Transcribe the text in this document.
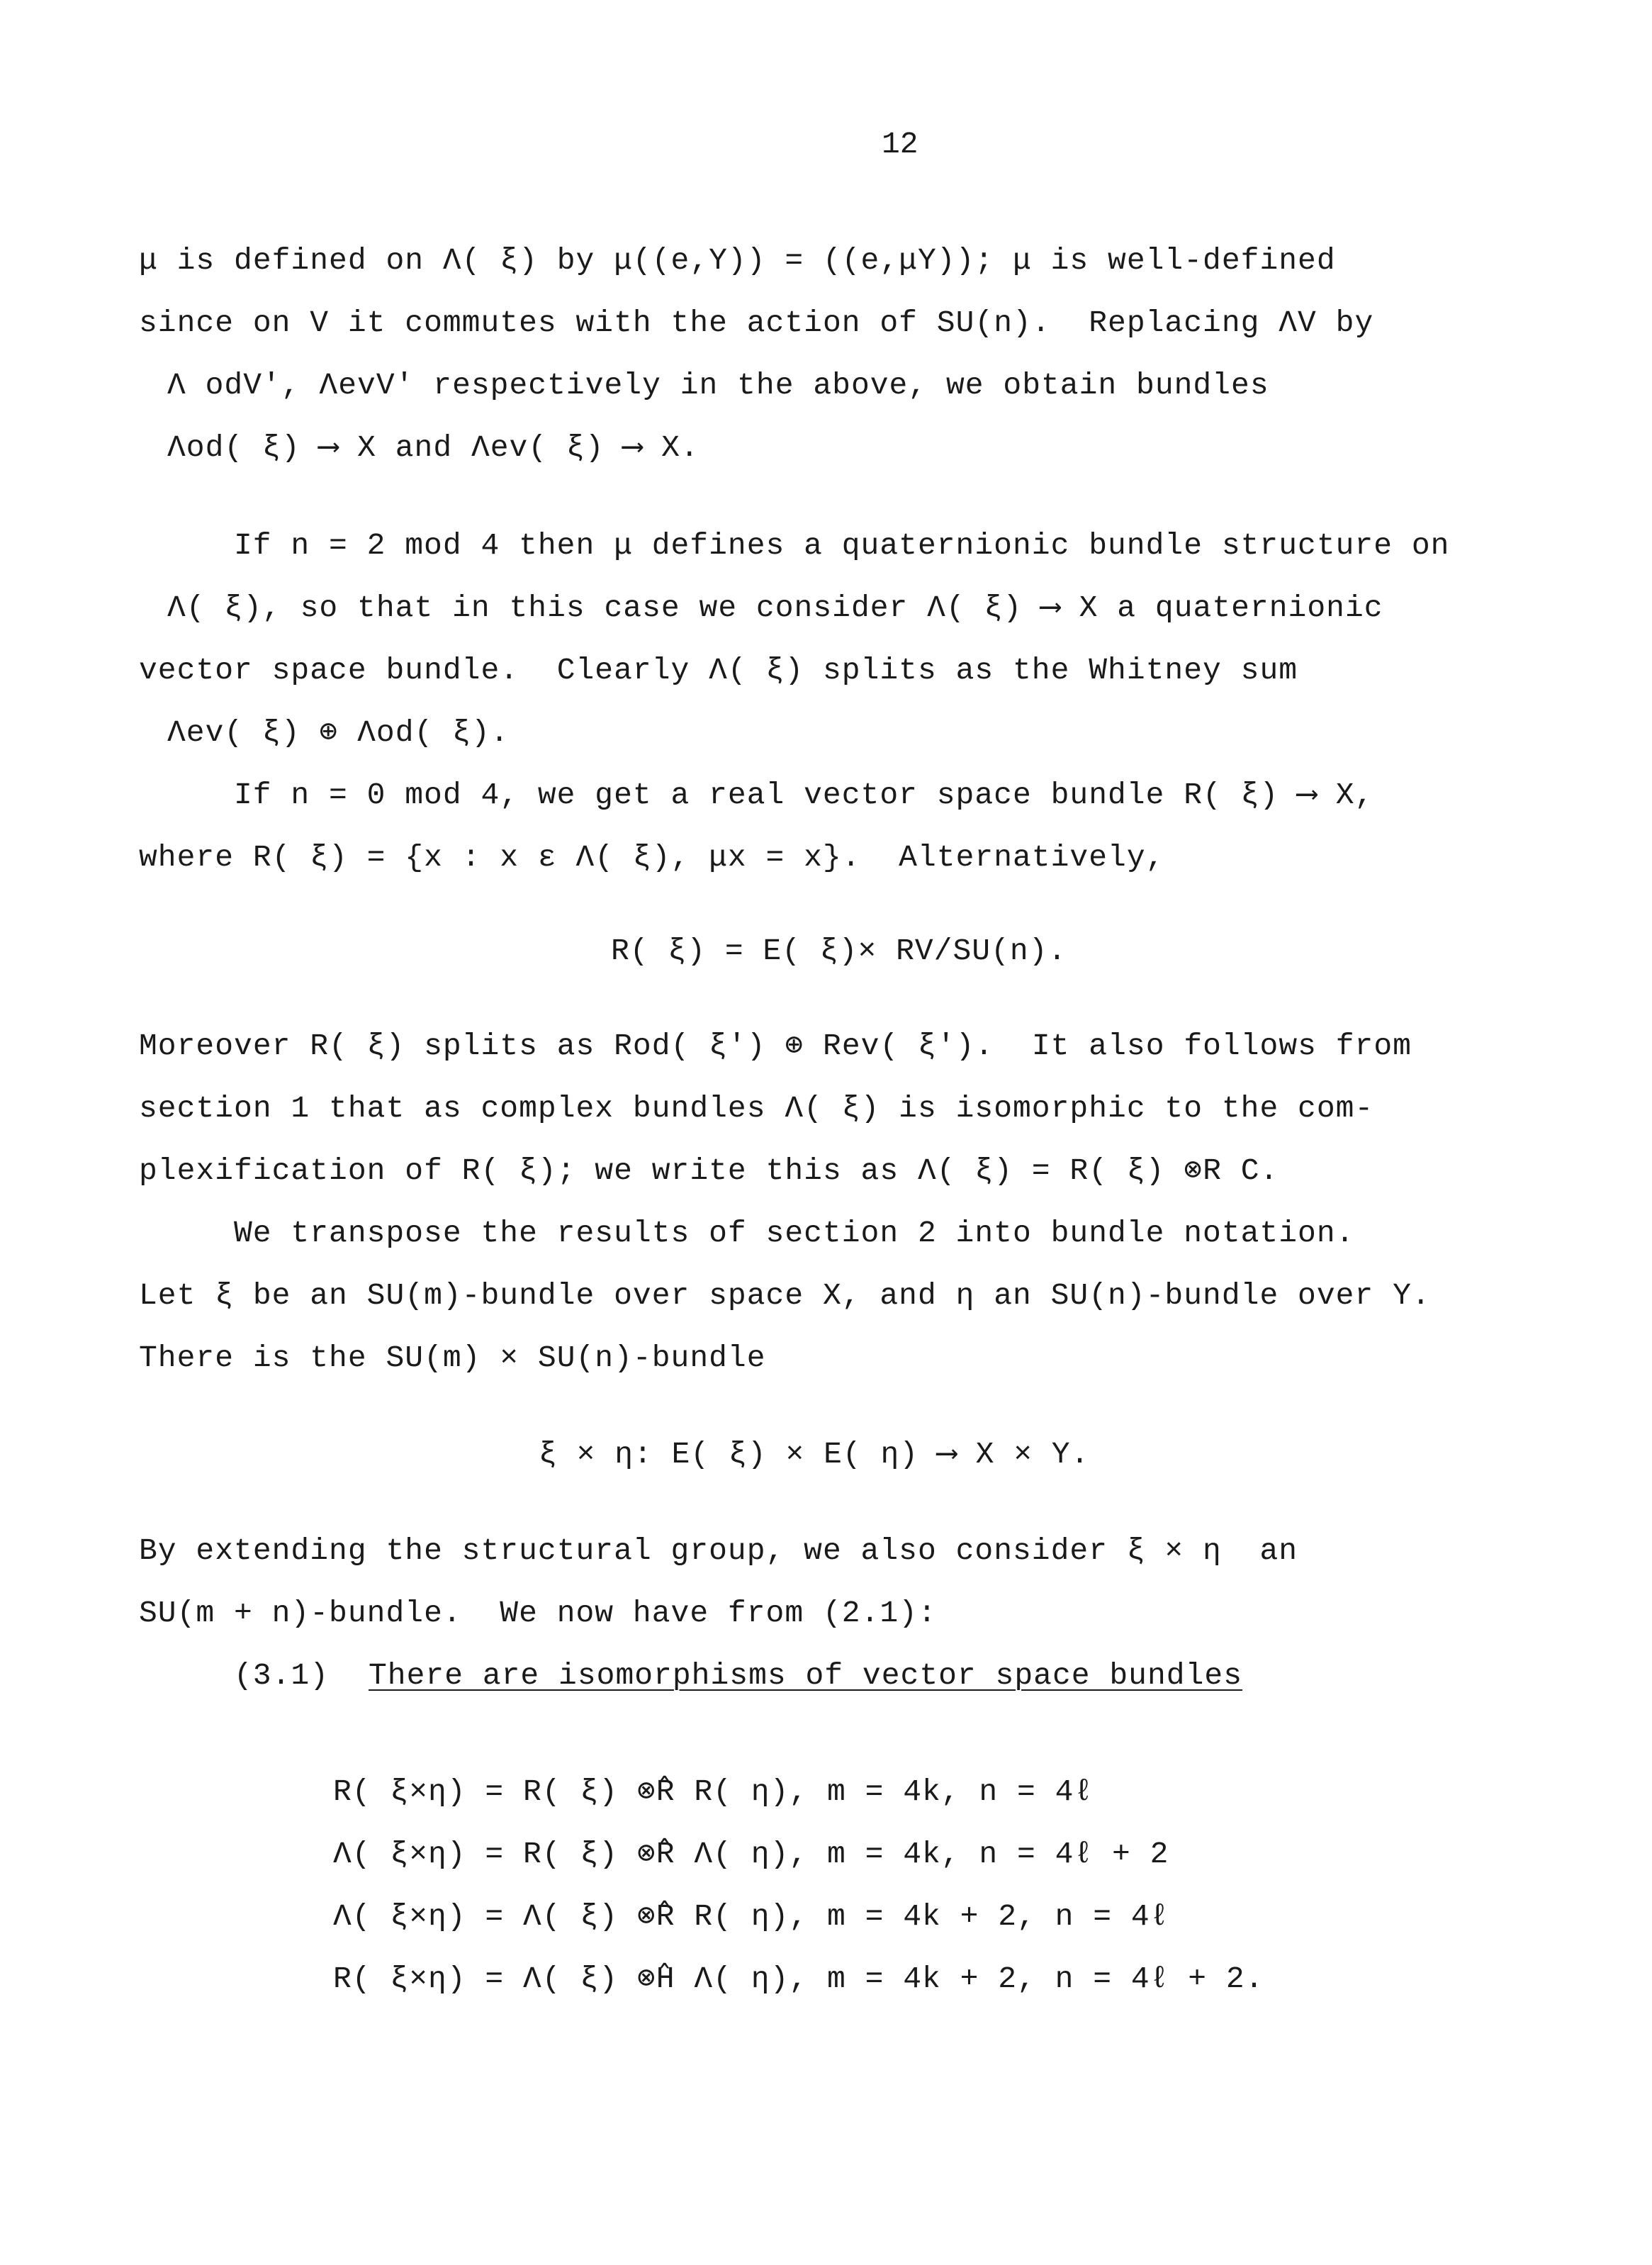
12
μ is defined on Λ( ξ) by μ((e,Y)) = ((e,μY)); μ is well-defined
since on V it commutes with the action of SU(n).  Replacing ΛV by
Λ odV', ΛevV' respectively in the above, we obtain bundles
Λod( ξ) ⟶ X and Λev( ξ) ⟶ X.
If n = 2 mod 4 then μ defines a quaternionic bundle structure on
Λ( ξ), so that in this case we consider Λ( ξ) ⟶ X a quaternionic
vector space bundle.  Clearly Λ( ξ) splits as the Whitney sum
Λev( ξ) ⊕ Λod( ξ).
If n = 0 mod 4, we get a real vector space bundle R( ξ) ⟶ X,
where R( ξ) = {x : x ε Λ( ξ), μx = x}.  Alternatively,
R( ξ) = E( ξ)× RV/SU(n).
Moreover R( ξ) splits as Rod( ξ') ⊕ Rev( ξ').  It also follows from
section 1 that as complex bundles Λ( ξ) is isomorphic to the com-
plexification of R( ξ); we write this as Λ( ξ) = R( ξ) ⊗R C.
We transpose the results of section 2 into bundle notation.
Let ξ be an SU(m)-bundle over space X, and η an SU(n)-bundle over Y.
There is the SU(m) × SU(n)-bundle
ξ × η: E( ξ) × E( η) ⟶ X × Y.
By extending the structural group, we also consider ξ × η  an
SU(m + n)-bundle.  We now have from (2.1):
(3.1) There are isomorphisms of vector space bundles
R( ξ×η) = R( ξ) ⊗̂R R( η), m = 4k, n = 4ℓ
Λ( ξ×η) = R( ξ) ⊗̂R Λ( η), m = 4k, n = 4ℓ + 2
Λ( ξ×η) = Λ( ξ) ⊗̂R R( η), m = 4k + 2, n = 4ℓ
R( ξ×η) = Λ( ξ) ⊗̂H Λ( η), m = 4k + 2, n = 4ℓ + 2.
